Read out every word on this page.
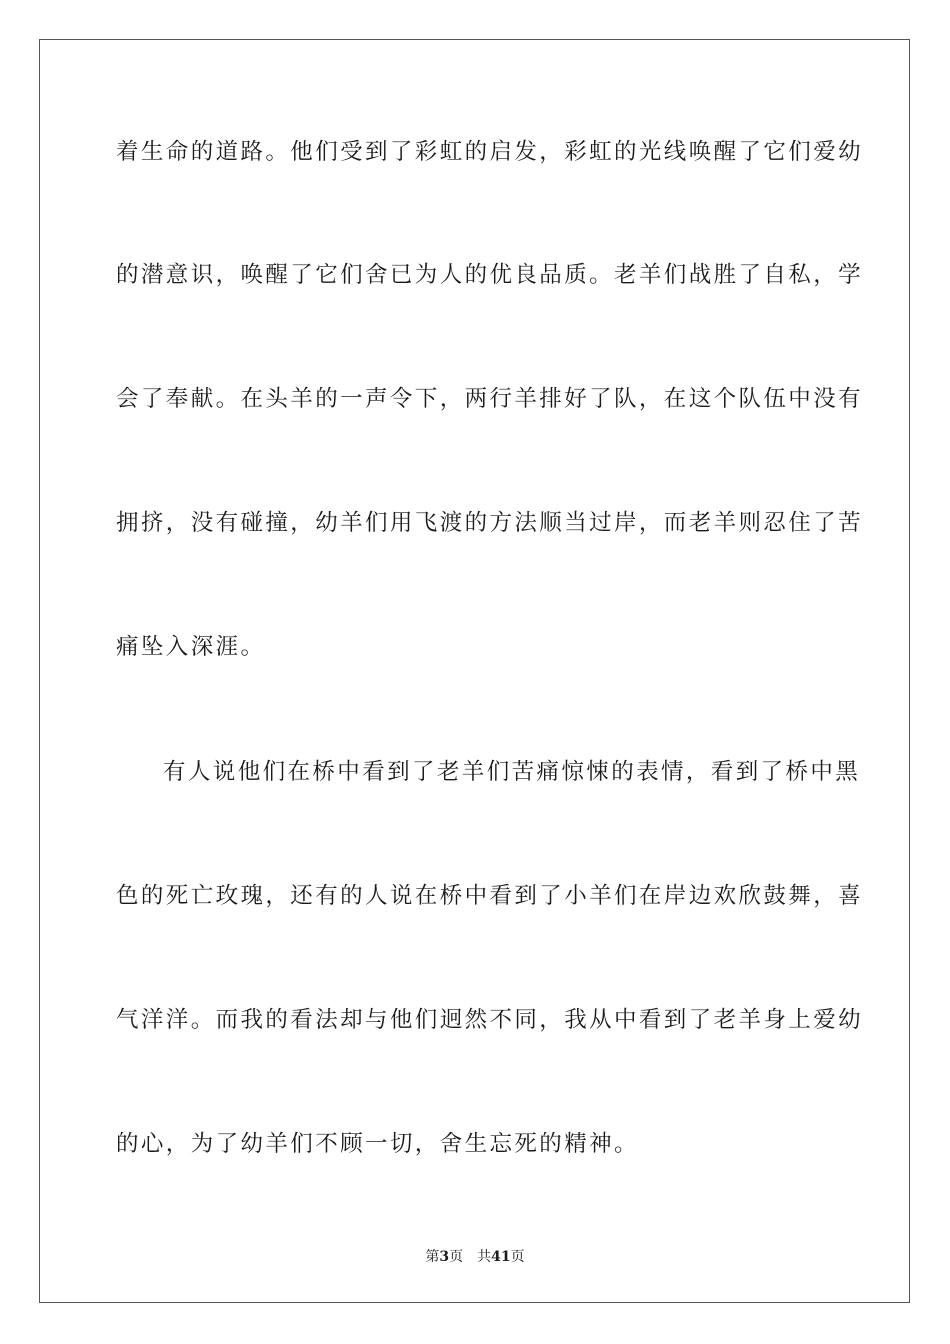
着生命的道路。他们受到了彩虹的启发，彩虹的光线唤醒了它们爱幼
的潜意识，唤醒了它们舍已为人的优良品质。老羊们战胜了自私，学
会了奉献。在头羊的一声令下，两行羊排好了队，在这个队伍中没有
拥挤，没有碰撞，幼羊们用飞渡的方法顺当过岸，而老羊则忍住了苦
痛坠入深涯。
有人说他们在桥中看到了老羊们苦痛惊悚的表情，看到了桥中黑
色的死亡玫瑰，还有的人说在桥中看到了小羊们在岸边欢欣鼓舞，喜
气洋洋。而我的看法却与他们迥然不同，我从中看到了老羊身上爱幼
的心，为了幼羊们不顾一切，舍生忘死的精神。
第3页 共41页
